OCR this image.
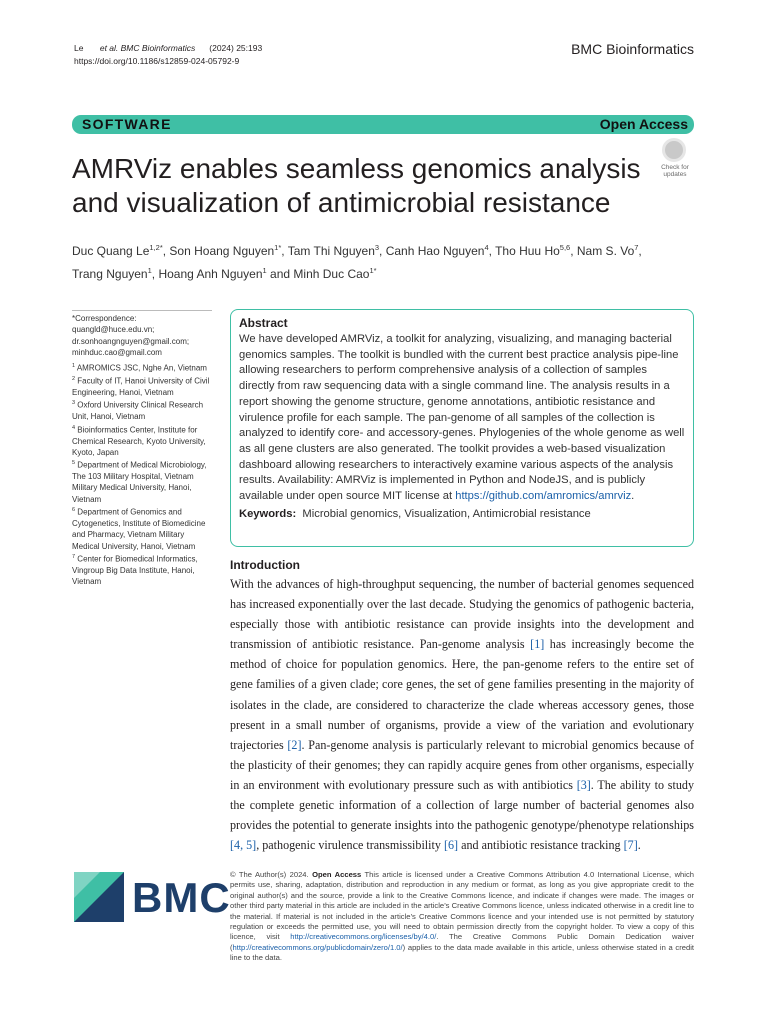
Le et al. BMC Bioinformatics (2024) 25:193
https://doi.org/10.1186/s12859-024-05792-9
BMC Bioinformatics
SOFTWARE	Open Access
AMRViz enables seamless genomics analysis and visualization of antimicrobial resistance
Check for
updates
Duc Quang $Le^{1,2*}$, Son Hoang Nguyen$^{1*}$, Tam Thi Nguyen$^3$, Canh Hao Nguyen$^4$, Tho Huu Ho$^{5,6}$, Nam S. Vo$^7$,
Trang Nguyen$^1$, Hoang Anh Nguyen$^1$ and Minh Duc Cao$^{1*}$
*Correspondence:
quangld@huce.edu.vn;
dr.sonhoangnguyen@gmail.com;
minhduc.cao@gmail.com
$^1$ AMROMICS JSC, Nghe An, Vietnam
$^2$ Faculty of IT, Hanoi University of Civil Engineering, Hanoi, Vietnam
$^3$ Oxford University Clinical Research Unit, Hanoi, Vietnam
$^4$ Bioinformatics Center, Institute for Chemical Research, Kyoto University, Kyoto, Japan
$^5$ Department of Medical Microbiology, The 103 Military Hospital, Vietnam Military Medical University, Hanoi, Vietnam
$^6$ Department of Genomics and Cytogenetics, Institute of Biomedicine and Pharmacy, Vietnam Military Medical University, Hanoi, Vietnam
$^7$ Center for Biomedical Informatics, Vingroup Big Data Institute, Hanoi, Vietnam
Abstract

We have developed AMRViz, a toolkit for analyzing, visualizing, and managing bacterial genomics samples. The toolkit is bundled with the current best practice analysis pipe-line allowing researchers to perform comprehensive analysis of a collection of samples directly from raw sequencing data with a single command line. The analysis results in a report showing the genome structure, genome annotations, antibiotic resistance and virulence profile for each sample. The pan-genome of all samples of the collection is analyzed to identify core- and accessory-genes. Phylogenies of the whole genome as well as all gene clusters are also generated. The toolkit provides a web-based visualization dashboard allowing researchers to interactively examine various aspects of the analysis results. Availability: AMRViz is implemented in Python and NodeJS, and is publicly available under open source MIT license at https://github.com/amromics/amrviz.

Keywords: Microbial genomics, Visualization, Antimicrobial resistance
Introduction
With the advances of high-throughput sequencing, the number of bacterial genomes sequenced has increased exponentially over the last decade. Studying the genomics of pathogenic bacteria, especially those with antibiotic resistance can provide insights into the development and transmission of antibiotic resistance. Pan-genome analysis [1] has increasingly become the method of choice for population genomics. Here, the pan-genome refers to the entire set of gene families of a given clade; core genes, the set of gene families presenting in the majority of isolates in the clade, are considered to characterize the clade whereas accessory genes, those present in a small number of organisms, provide a view of the variation and evolutionary trajectories [2]. Pan-genome analysis is particularly relevant to microbial genomics because of the plasticity of their genomes; they can rapidly acquire genes from other organisms, especially in an environment with evolutionary pressure such as with antibiotics [3]. The ability to study the complete genetic information of a collection of large number of bacterial genomes also provides the potential to generate insights into the pathogenic genotype/phenotype relationships [4, 5], pathogenic virulence transmissibility [6] and antibiotic resistance tracking [7].
BMC © The Author(s) 2024. Open Access This article is licensed under a Creative Commons Attribution 4.0 International License, which permits use, sharing, adaptation, distribution and reproduction in any medium or format, as long as you give appropriate credit to the original author(s) and the source, provide a link to the Creative Commons licence, and indicate if changes were made. The images or other third party material in this article are included in the article’s Creative Commons licence, unless indicated otherwise in a credit line to the material. If material is not included in the article’s Creative Commons licence and your intended use is not permitted by statutory regulation or exceeds the permitted use, you will need to obtain permission directly from the copyright holder. To view a copy of this licence, visit http://creativecommons.org/licenses/by/4.0/. The Creative Commons Public Domain Dedication waiver (http://creativecommons.org/publicdomain/zero/1.0/) applies to the data made available in this article, unless otherwise stated in a credit line to the data.
